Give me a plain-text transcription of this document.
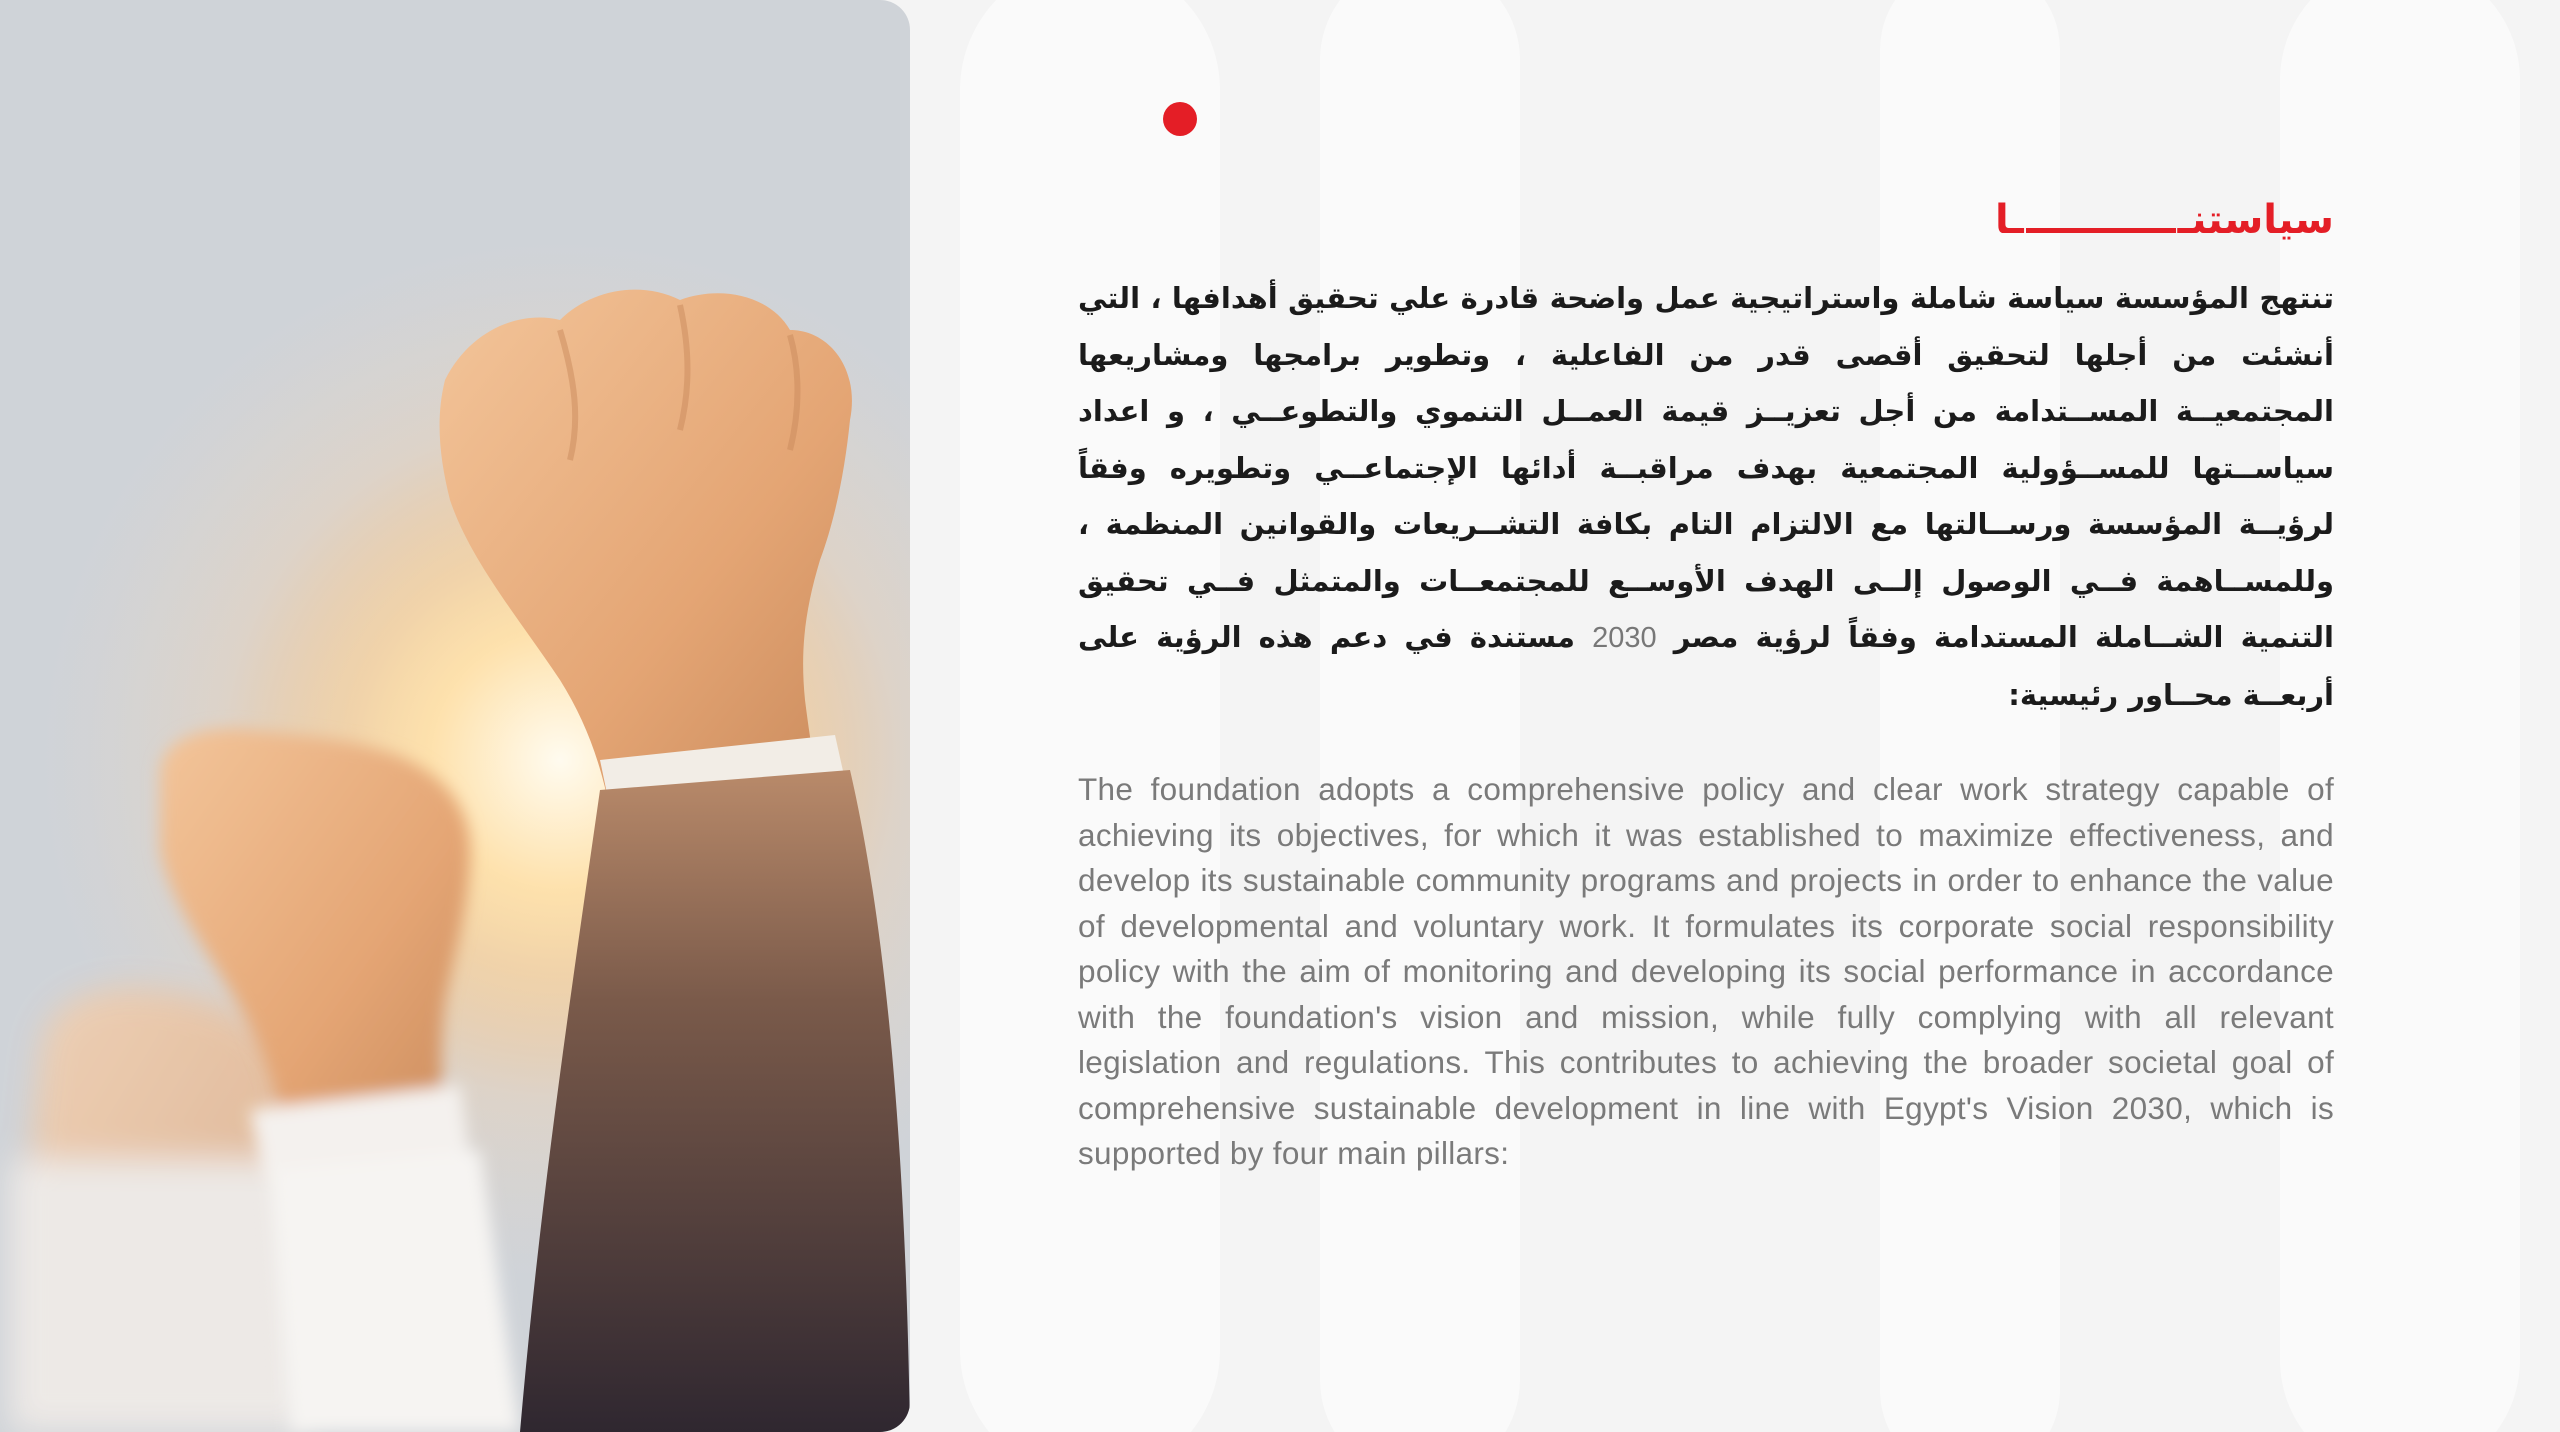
سياستنــا

تنتهج المؤسسة سياسة شاملة واستراتيجية عمل واضحة قادرة علي تحقيق أهدافها ، التي أنشئت من أجلها لتحقيق أقصى قدر من الفاعلية ، وتطوير برامجها ومشاريعها المجتمعيــة المســتدامة من أجل تعزيــز قيمة العمــل التنموي والتطوعــي ، و اعداد سياســتها للمســؤولية المجتمعية بهدف مراقبــة أدائها الإجتماعــي وتطويره وفقاً لرؤيــة المؤسسة ورســالتها مع الالتزام التام بكافة التشــريعات والقوانين المنظمة ، وللمســاهمة فــي الوصول إلــى الهدف الأوســع للمجتمعــات والمتمثل فــي تحقيق التنمية الشــاملة المستدامة وفقاً لرؤية مصر 2030 مستندة في دعم هذه الرؤية على أربعــة محــاور رئيسية:

The foundation adopts a comprehensive policy and clear work strategy capable of achieving its objectives, for which it was established to maximize effectiveness, and develop its sustainable community programs and projects in order to enhance the value of developmental and voluntary work. It formulates its corporate social responsibility policy with the aim of monitoring and developing its social performance in accordance with the foundation's vision and mission, while fully complying with all relevant legislation and regulations. This contributes to achieving the broader societal goal of comprehensive sustainable development in line with Egypt's Vision 2030, which is supported by four main pillars:
